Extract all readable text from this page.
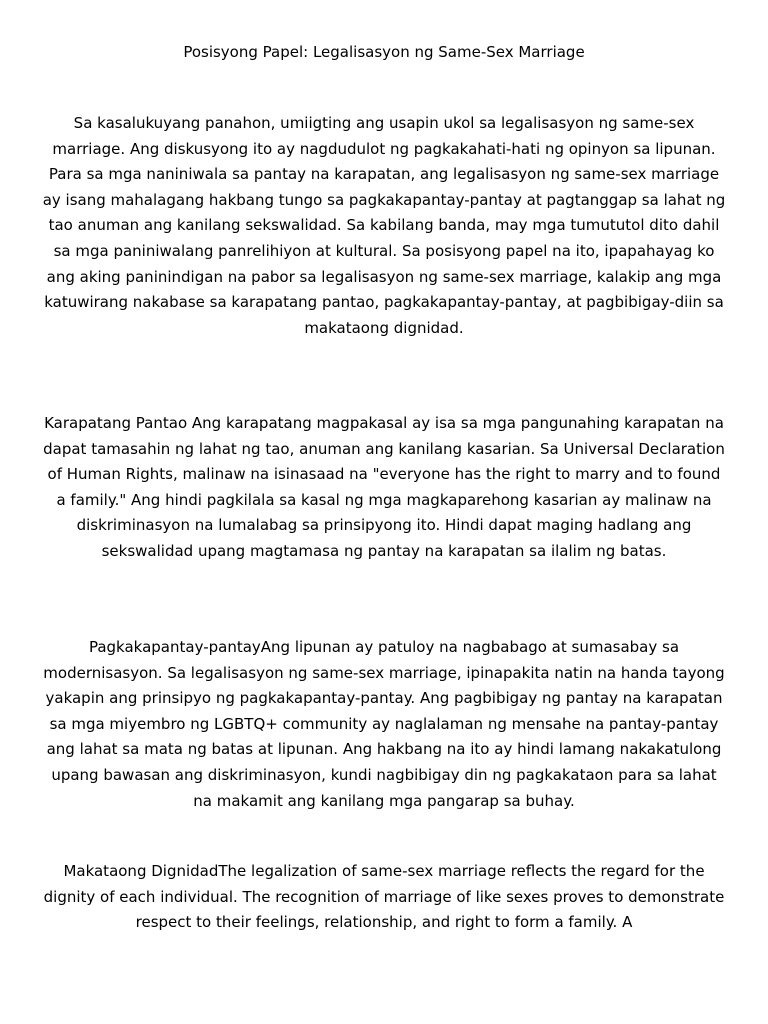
Posisyong Papel: Legalisasyon ng Same-Sex Marriage

Sa kasalukuyang panahon, umiigting ang usapin ukol sa legalisasyon ng same-sex marriage. Ang diskusyong ito ay nagdudulot ng pagkakahati-hati ng opinyon sa lipunan. Para sa mga naniniwala sa pantay na karapatan, ang legalisasyon ng same-sex marriage ay isang mahalagang hakbang tungo sa pagkakapantay-pantay at pagtanggap sa lahat ng tao anuman ang kanilang sekswalidad. Sa kabilang banda, may mga tumututol dito dahil sa mga paniniwalang panrelihiyon at kultural. Sa posisyong papel na ito, ipapahayag ko ang aking paninindigan na pabor sa legalisasyon ng same-sex marriage, kalakip ang mga katuwirang nakabase sa karapatang pantao, pagkakapantay-pantay, at pagbibigay-diin sa makataong dignidad.

Karapatang Pantao Ang karapatang magpakasal ay isa sa mga pangunahing karapatan na dapat tamasahin ng lahat ng tao, anuman ang kanilang kasarian. Sa Universal Declaration of Human Rights, malinaw na isinasaad na "everyone has the right to marry and to found a family." Ang hindi pagkilala sa kasal ng mga magkaparehong kasarian ay malinaw na diskriminasyon na lumalabag sa prinsipyong ito. Hindi dapat maging hadlang ang sekswalidad upang magtamasa ng pantay na karapatan sa ilalim ng batas.

Pagkakapantay-pantayAng lipunan ay patuloy na nagbabago at sumasabay sa modernisasyon. Sa legalisasyon ng same-sex marriage, ipinapakita natin na handa tayong yakapin ang prinsipyo ng pagkakapantay-pantay. Ang pagbibigay ng pantay na karapatan sa mga miyembro ng LGBTQ+ community ay naglalaman ng mensahe na pantay-pantay ang lahat sa mata ng batas at lipunan. Ang hakbang na ito ay hindi lamang nakakatulong upang bawasan ang diskriminasyon, kundi nagbibigay din ng pagkakataon para sa lahat na makamit ang kanilang mga pangarap sa buhay.

Makataong DignidadThe legalization of same-sex marriage reflects the regard for the dignity of each individual. The recognition of marriage of like sexes proves to demonstrate respect to their feelings, relationship, and right to form a family. A
